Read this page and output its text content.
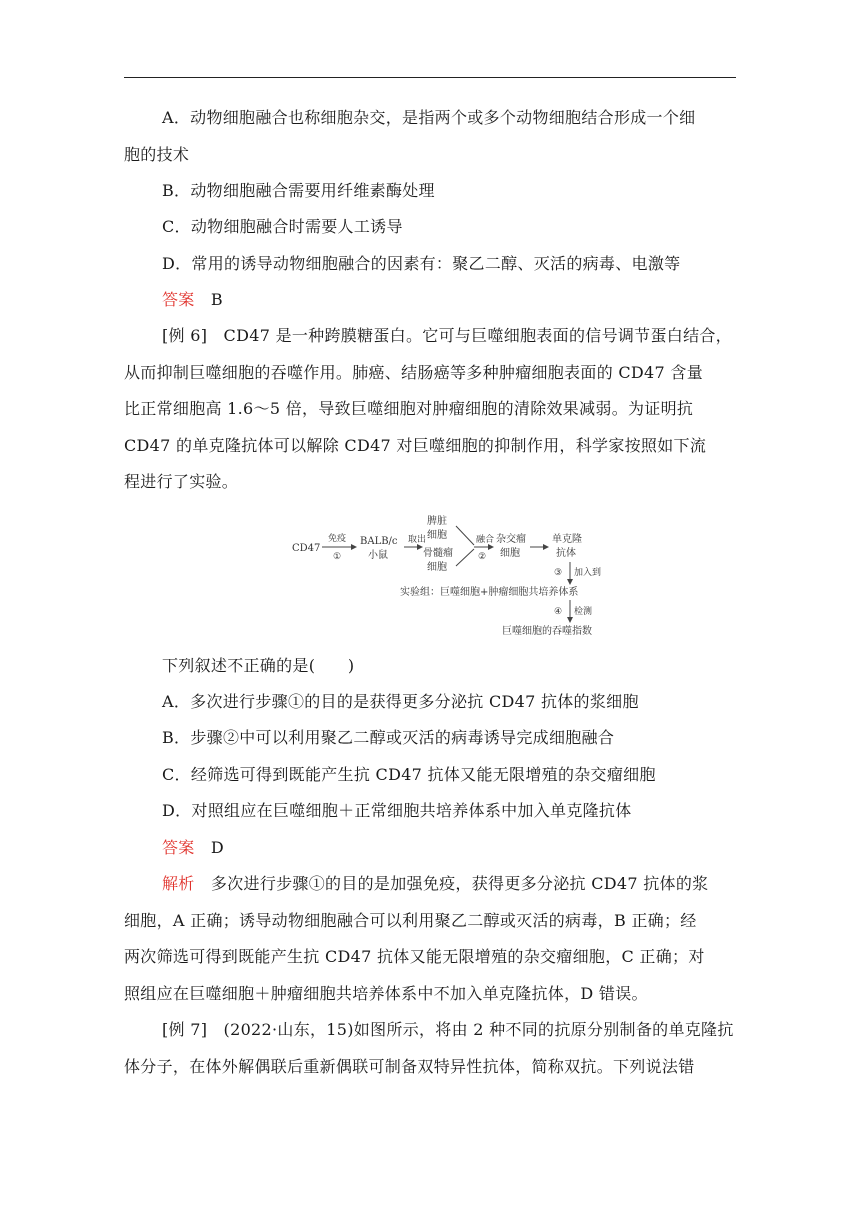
A．动物细胞融合也称细胞杂交，是指两个或多个动物细胞结合形成一个细
胞的技术
B．动物细胞融合需要用纤维素酶处理
C．动物细胞融合时需要人工诱导
D．常用的诱导动物细胞融合的因素有：聚乙二醇、灭活的病毒、电激等
答案　 B
[例 6]　CD47 是一种跨膜糖蛋白。它可与巨噬细胞表面的信号调节蛋白结合，
从而抑制巨噬细胞的吞噬作用。肺癌、结肠癌等多种肿瘤细胞表面的 CD47 含量
比正常细胞高 1.6～5 倍，导致巨噬细胞对肿瘤细胞的清除效果减弱。为证明抗
CD47 的单克隆抗体可以解除 CD47 对巨噬细胞的抑制作用，科学家按照如下流
程进行了实验。
CD47
免疫
①
BALB/c
小鼠
取出
脾脏
细胞
骨髓瘤
细胞
融合
②
杂交瘤
细胞
单克隆
抗体
③ 加入到
实验组：巨噬细胞+肿瘤细胞共培养体系
④ 检测
巨噬细胞的吞噬指数
下列叙述不正确的是(　　)
A．多次进行步骤①的目的是获得更多分泌抗 CD47 抗体的浆细胞
B．步骤②中可以利用聚乙二醇或灭活的病毒诱导完成细胞融合
C．经筛选可得到既能产生抗 CD47 抗体又能无限增殖的杂交瘤细胞
D．对照组应在巨噬细胞＋正常细胞共培养体系中加入单克隆抗体
答案　 D
解析　 多次进行步骤①的目的是加强免疫，获得更多分泌抗 CD47 抗体的浆
细胞，A 正确；诱导动物细胞融合可以利用聚乙二醇或灭活的病毒，B 正确；经
两次筛选可得到既能产生抗 CD47 抗体又能无限增殖的杂交瘤细胞，C 正确；对
照组应在巨噬细胞＋肿瘤细胞共培养体系中不加入单克隆抗体，D 错误。
[例 7]　(2022·山东，15)如图所示，将由 2 种不同的抗原分别制备的单克隆抗
体分子，在体外解偶联后重新偶联可制备双特异性抗体，简称双抗。下列说法错
